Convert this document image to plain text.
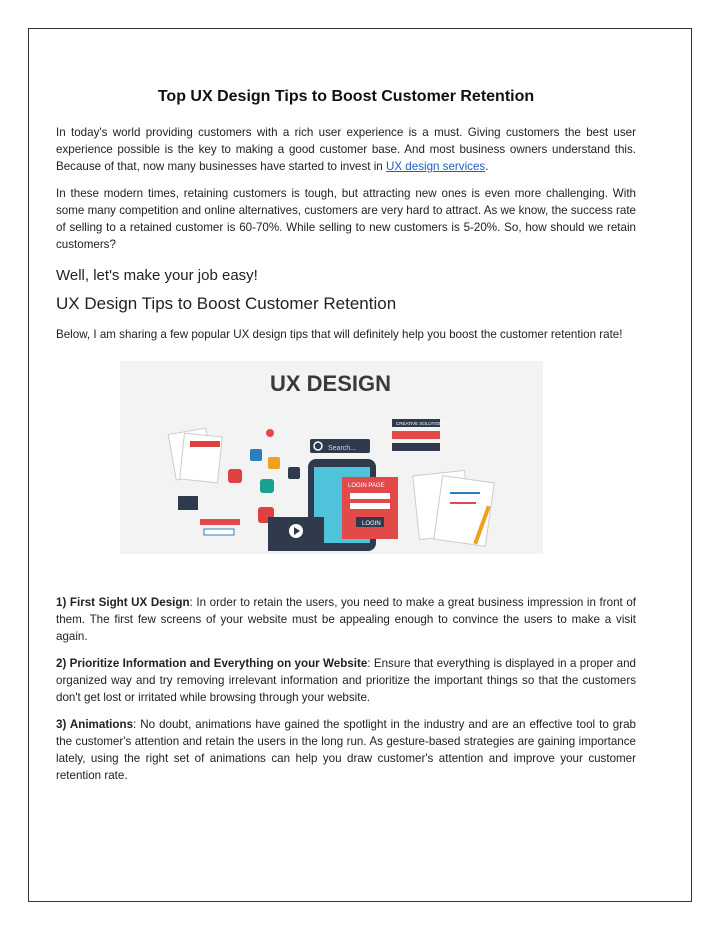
Top UX Design Tips to Boost Customer Retention

In today's world providing customers with a rich user experience is a must. Giving customers the best user experience possible is the key to making a good customer base. And most business owners understand this. Because of that, now many businesses have started to invest in UX design services.

In these modern times, retaining customers is tough, but attracting new ones is even more challenging. With some many competition and online alternatives, customers are very hard to attract. As we know, the success rate of selling to a retained customer is 60-70%. While selling to new customers is 5-20%. So, how should we retain customers?

Well, let's make your job easy!
UX Design Tips to Boost Customer Retention

Below, I am sharing a few popular UX design tips that will definitely help you boost the customer retention rate!

UX DESIGN
Search...
LOGIN PAGE
LOGIN
CREATIVE SOLUTIONS

1) First Sight UX Design: In order to retain the users, you need to make a great business impression in front of them. The first few screens of your website must be appealing enough to convince the users to make a visit again.

2) Prioritize Information and Everything on your Website: Ensure that everything is displayed in a proper and organized way and try removing irrelevant information and prioritize the important things so that the customers don't get lost or irritated while browsing through your website.

3) Animations: No doubt, animations have gained the spotlight in the industry and are an effective tool to grab the customer's attention and retain the users in the long run. As gesture-based strategies are gaining importance lately, using the right set of animations can help you draw customer's attention and improve your customer retention rate.
